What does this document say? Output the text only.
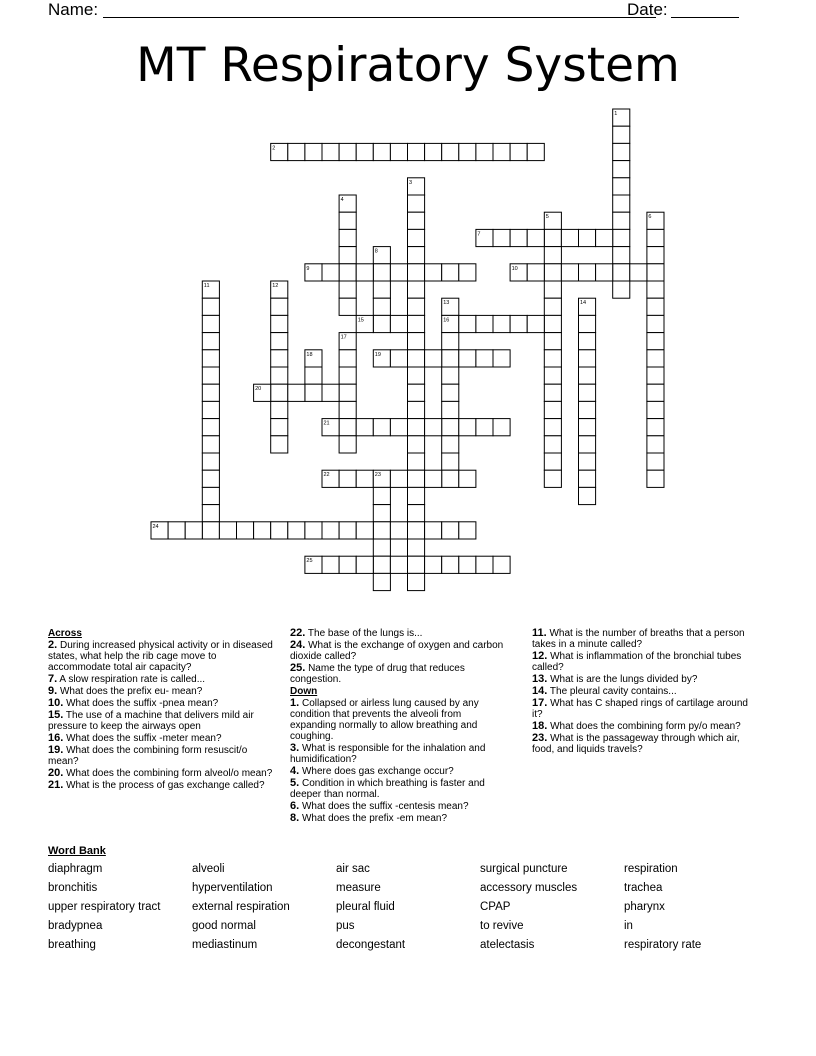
Name:	Date:
MT Respiratory System
1
2
3
4
5	6
7
8
9	10
11	12
13	14
15	16
17
18	19
20
21
22	23
24
25
Across
2. During increased physical activity or in diseased states, what help the rib cage move to accommodate total air capacity?
7. A slow respiration rate is called...
9. What does the prefix eu- mean?
10. What does the suffix -pnea mean?
15. The use of a machine that delivers mild air pressure to keep the airways open
16. What does the suffix -meter mean?
19. What does the combining form resuscit/o mean?
20. What does the combining form alveol/o mean?
21. What is the process of gas exchange called?
22. The base of the lungs is...
24. What is the exchange of oxygen and carbon dioxide called?
25. Name the type of drug that reduces congestion.
Down
1. Collapsed or airless lung caused by any condition that prevents the alveoli from expanding normally to allow breathing and coughing.
3. What is responsible for the inhalation and humidification?
4. Where does gas exchange occur?
5. Condition in which breathing is faster and deeper than normal.
6. What does the suffix -centesis mean?
8. What does the prefix -em mean?
11. What is the number of breaths that a person takes in a minute called?
12. What is inflammation of the bronchial tubes called?
13. What is are the lungs divided by?
14. The pleural cavity contains...
17. What has C shaped rings of cartilage around it?
18. What does the combining form py/o mean?
23. What is the passageway through which air, food, and liquids travels?
Word Bank
diaphragm	alveoli	air sac	surgical puncture	respiration
bronchitis	hyperventilation	measure	accessory muscles	trachea
upper respiratory tract	external respiration	pleural fluid	CPAP	pharynx
bradypnea	good normal	pus	to revive	in
breathing	mediastinum	decongestant	atelectasis	respiratory rate
